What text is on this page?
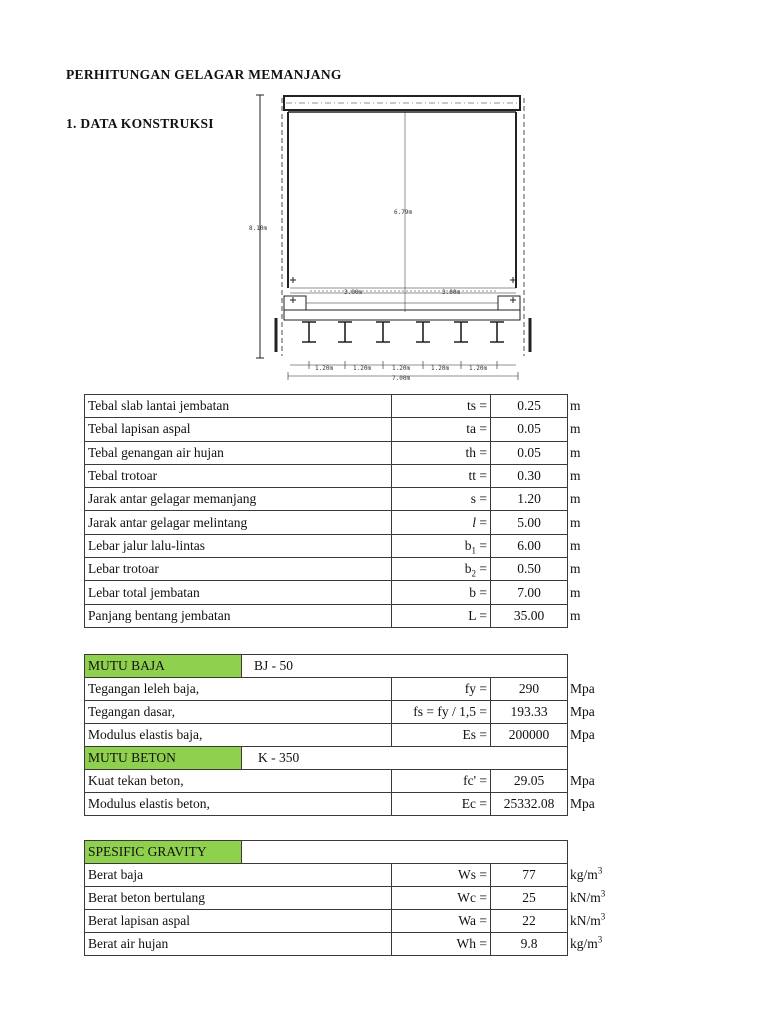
PERHITUNGAN GELAGAR MEMANJANG
1. DATA KONSTRUKSI
8.10m
6.79m
3.00m	3.00m
1.20m	1.20m	1.20m	1.20m	1.20m
7.00m
Tebal slab lantai jembatan	ts =	0.25	m
Tebal lapisan aspal	ta =	0.05	m
Tebal genangan air hujan	th =	0.05	m
Tebal trotoar	tt =	0.30	m
Jarak antar gelagar memanjang	s =	1.20	m
Jarak antar gelagar melintang	l =	5.00	m
Lebar jalur lalu-lintas	$b_1$ =	6.00	m
Lebar trotoar	$b_2$ =	0.50	m
Lebar total jembatan	b =	7.00	m
Panjang bentang jembatan	L =	35.00	m
MUTU BAJA	BJ - 50			
Tegangan leleh baja,		fy =	290	Mpa
Tegangan dasar,		fs = fy / 1,5 =	193.33	Mpa
Modulus elastis baja,		Es =	200000	Mpa
MUTU BETON	K - 350			
Kuat tekan beton,		fc' =	29.05	Mpa
Modulus elastis beton,		Ec =	25332.08	Mpa
SPESIFIC GRAVITY				
Berat baja		Ws =	77	$kg/m^3$
Berat beton bertulang		Wc =	25	$kN/m^3$
Berat lapisan aspal		Wa =	22	$kN/m^3$
Berat air hujan		Wh =	9.8	$kg/m^3$
